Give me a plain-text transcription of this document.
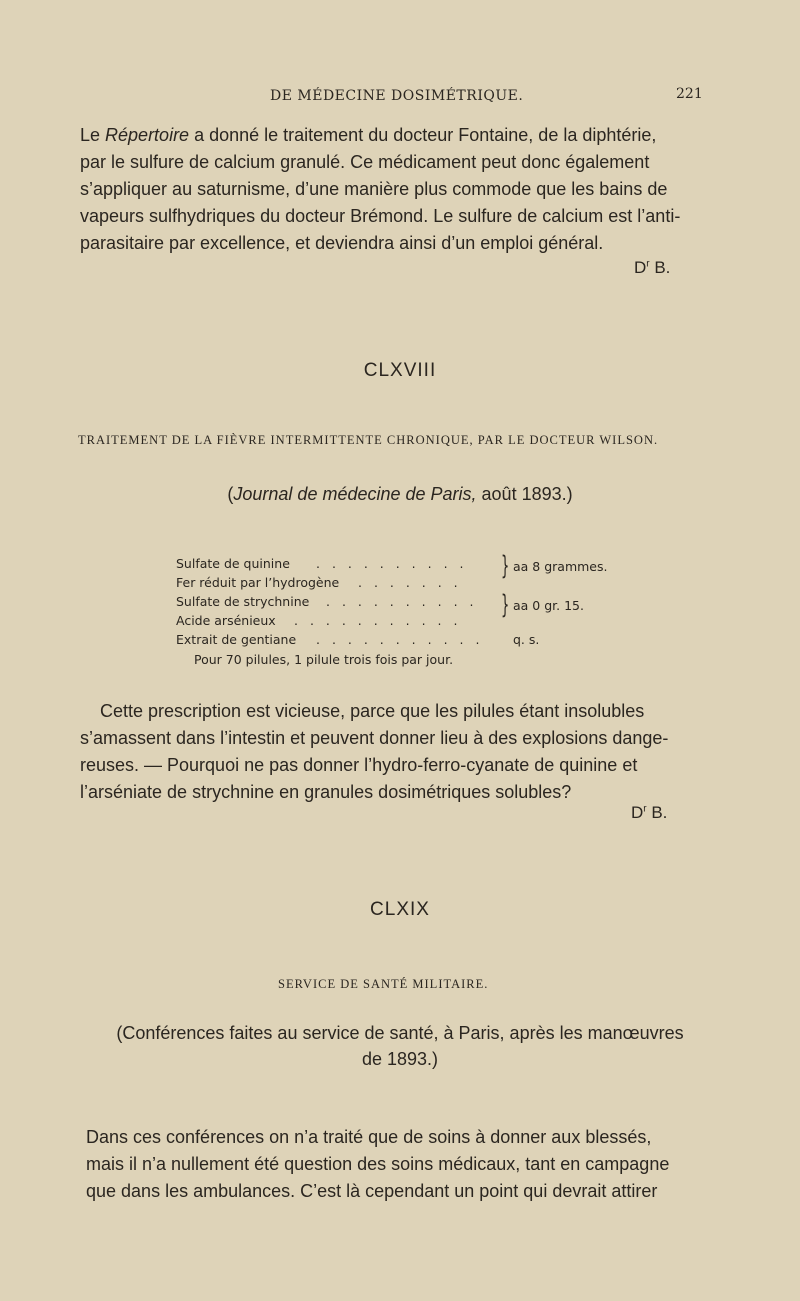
DE MÉDECINE DOSIMÉTRIQUE.	221
Le Répertoire a donné le traitement du docteur Fontaine, de la diphtérie,
par le sulfure de calcium granulé. Ce médicament peut donc également
s’appliquer au saturnisme, d’une manière plus commode que les bains de
vapeurs sulfhydriques du docteur Brémond. Le sulfure de calcium est l’anti-
parasitaire par excellence, et deviendra ainsi d’un emploi général.
$D^r$ B.
CLXVIII
TRAITEMENT DE LA FIÈVRE INTERMITTENTE CHRONIQUE, PAR LE DOCTEUR WILSON.
(Journal de médecine de Paris, août 1893.)
Sulfate de quinine . . . . . . . . . .
Fer réduit par l’hydrogène . . . . . . .
Sulfate de strychnine . . . . . . . . . .
Acide arsénieux . . . . . . . . . . .
Extrait de gentiane . . . . . . . . . . .
} aa 8 grammes.
} aa 0 gr. 15.
q. s.
Pour 70 pilules, 1 pilule trois fois par jour.
Cette prescription est vicieuse, parce que les pilules étant insolubles
s’amassent dans l’intestin et peuvent donner lieu à des explosions dange-
reuses. — Pourquoi ne pas donner l’hydro-ferro-cyanate de quinine et
l’arséniate de strychnine en granules dosimétriques solubles?
$D^r$ B.
CLXIX
SERVICE DE SANTÉ MILITAIRE.
(Conférences faites au service de santé, à Paris, après les manœuvres
de 1893.)
Dans ces conférences on n’a traité que de soins à donner aux blessés,
mais il n’a nullement été question des soins médicaux, tant en campagne
que dans les ambulances. C’est là cependant un point qui devrait attirer
